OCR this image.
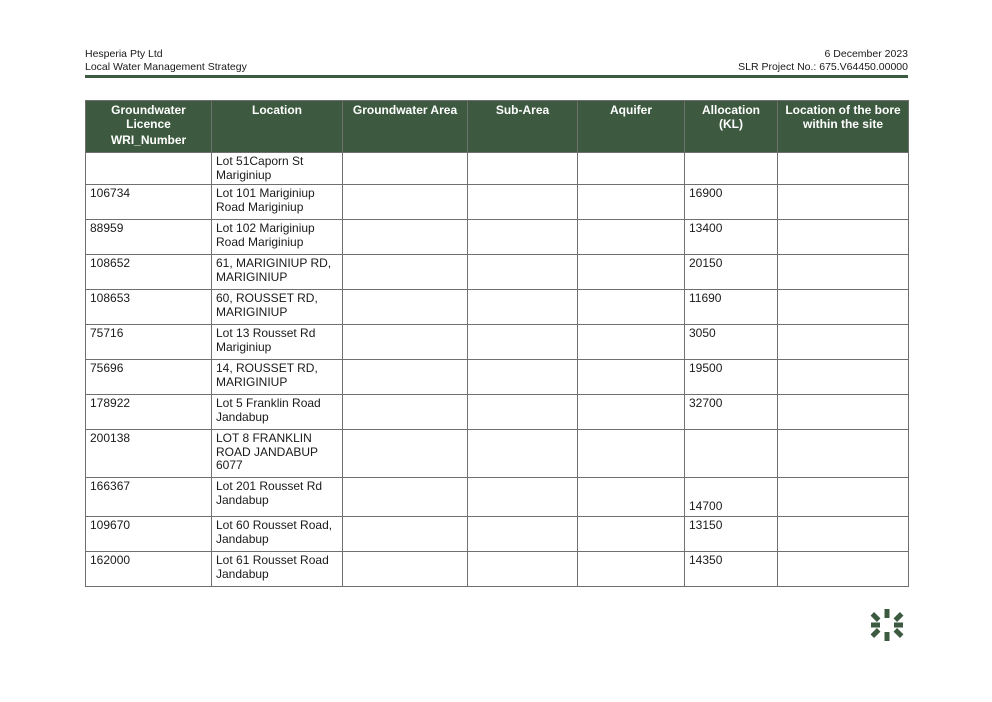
Hesperia Pty Ltd
Local Water Management Strategy
6 December 2023
SLR Project No.: 675.V64450.00000
Groundwater Licence
WRI_Number	Location	Groundwater Area	Sub-Area	Aquifer	Allocation (KL)	Location of the bore within the site
	Lot 51Caporn St Mariginiup					
106734	Lot 101 Mariginiup Road Mariginiup				16900	
88959	Lot 102 Mariginiup Road Mariginiup				13400	
108652	61, MARIGINIUP RD, MARIGINIUP				20150	
108653	60, ROUSSET RD, MARIGINIUP				11690	
75716	Lot 13 Rousset Rd Mariginiup				3050	
75696	14, ROUSSET RD, MARIGINIUP				19500	
178922	Lot 5 Franklin Road Jandabup				32700	
200138	LOT 8 FRANKLIN ROAD JANDABUP 6077					
166367	Lot 201 Rousset Rd Jandabup				14700	
109670	Lot 60 Rousset Road, Jandabup				13150	
162000	Lot 61 Rousset Road Jandabup				14350	
